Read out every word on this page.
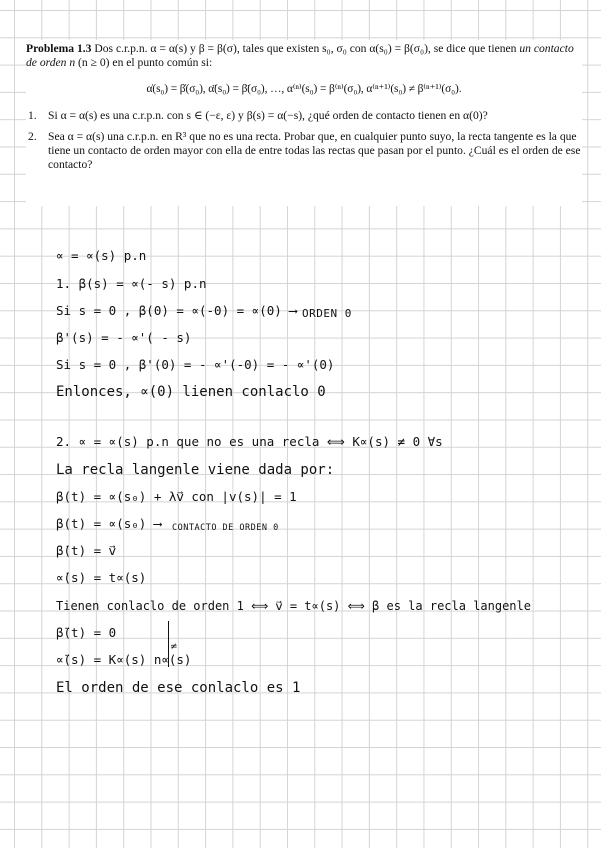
Problema 1.3 Dos c.r.p.n. α = α(s) y β = β(σ), tales que existen s₀, σ₀ con α(s₀) = β(σ₀), se dice que tienen un contacto de orden n (n ≥ 0) en el punto común si:

α̇(s₀) = β̇(σ₀), α̈(s₀) = β̈(σ₀), …, α⁽ⁿ⁾(s₀) = β⁽ⁿ⁾(σ₀), α⁽ⁿ⁺¹⁾(s₀) ≠ β⁽ⁿ⁺¹⁾(σ₀).
1. Si α = α(s) es una c.r.p.n. con s ∈ (−ε, ε) y β(s) = α(−s), ¿qué orden de contacto tienen en α(0)?
2. Sea α = α(s) una c.r.p.n. en R³ que no es una recta. Probar que, en cualquier punto suyo, la recta tangente es la que tiene un contacto de orden mayor con ella de entre todas las rectas que pasan por el punto. ¿Cuál es el orden de ese contacto?
∝ = ∝(s) p.n
1. β(s) = ∝(- s) p.n
Si s = 0 , β(0) = ∝(-0) = ∝(0) ⟶ ORDEN 0
β'(s) = - ∝'( - s)
Si s = 0 , β'(0) = - ∝'(-0) = - ∝'(0)
Enlonces, ∝(0) lienen conlaclo 0
2. ∝ = ∝(s) p.n que no es una recla ⟺ K∝(s) ≠ 0 ∀s
La recla langenle viene dada por:
β(t) = ∝(s₀) + λv⃗ con |v(s)| = 1
β(t) = ∝(s₀) ⟶ CONTACTO DE ORDEN 0
β̇(t) = v⃗
∝̇(s) = t∝(s)
Tienen conlaclo de orden 1 ⟺ v⃗ = t∝(s) ⟺ β es la recla langenle
β̈(t) = 0
∝̈(s) = K∝(s) n∝(s)
≠
El orden de ese conlaclo es 1
